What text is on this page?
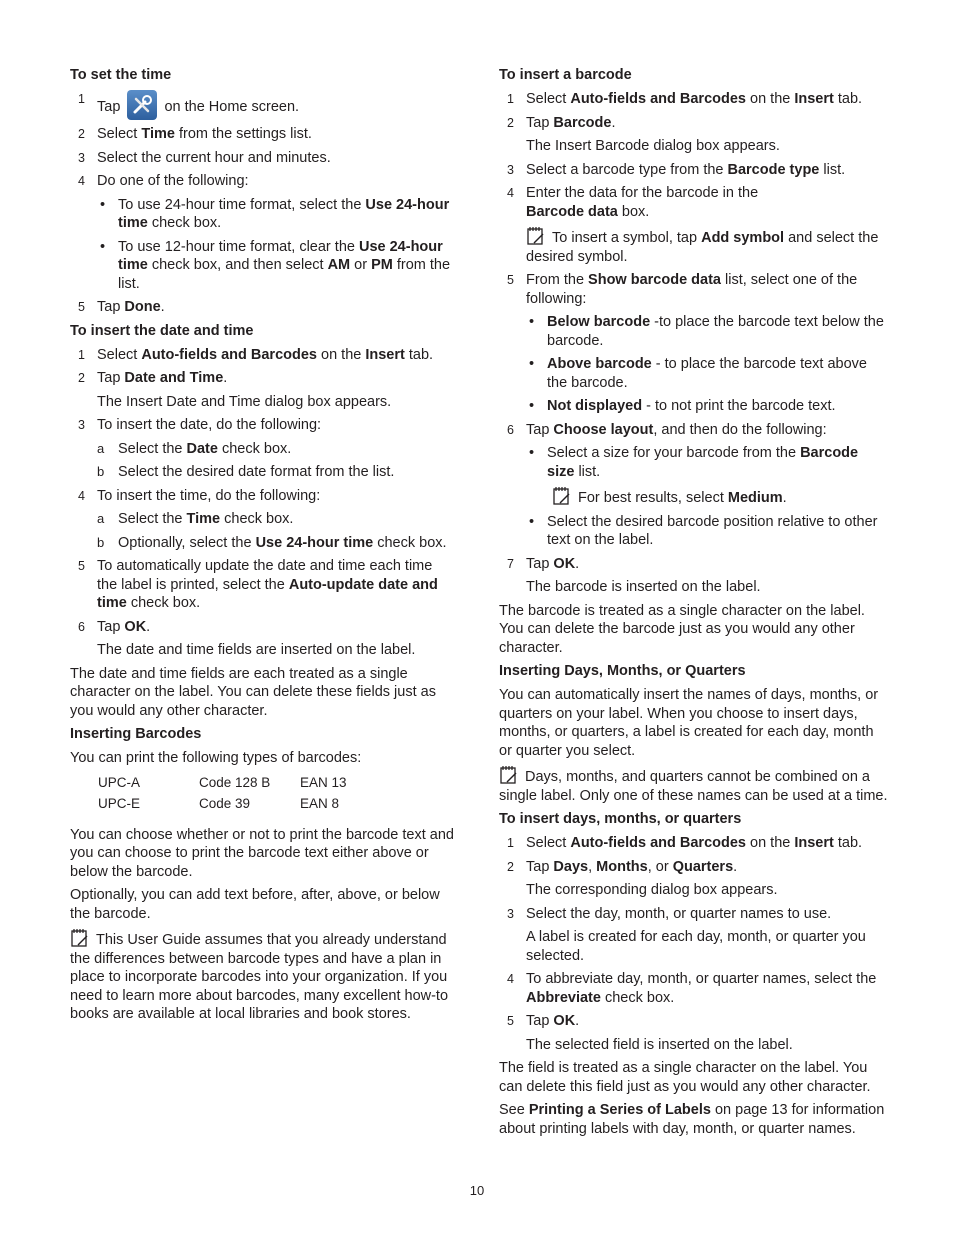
To set the time
1 Tap	on the Home screen.
2 Select Time from the settings list.
3 Select the current hour and minutes.
4 Do one of the following:
• To use 24-hour time format, select the Use 24-hour time check box.
• To use 12-hour time format, clear the Use 24-hour time check box, and then select AM or PM from the list.
5 Tap Done.
To insert the date and time
1 Select Auto-fields and Barcodes on the Insert tab.
2 Tap Date and Time.

The Insert Date and Time dialog box appears.

3 To insert the date, do the following:
a Select the Date check box.
b Select the desired date format from the list.
4 To insert the time, do the following:
a Select the Time check box.
b Optionally, select the Use 24-hour time check box.
5 To automatically update the date and time each time the label is printed, select the Auto-update date and time check box.
6 Tap OK.

The date and time fields are inserted on the label.

The date and time fields are each treated as a single character on the label. You can delete these fields just as you would any other character.

Inserting Barcodes

You can print the following types of barcodes:

UPC-A	Code 128 B	EAN 13
UPC-E	Code 39	EAN 8

You can choose whether or not to print the barcode text and you can choose to print the barcode text either above or below the barcode.

Optionally, you can add text before, after, above, or below the barcode.

This User Guide assumes that you already understand the differences between barcode types and have a plan in place to incorporate barcodes into your organization. If you need to learn more about barcodes, many excellent how-to books are available at local libraries and book stores.

To insert a barcode
1 Select Auto-fields and Barcodes on the Insert tab.
2 Tap Barcode.

The Insert Barcode dialog box appears.

3 Select a barcode type from the Barcode type list.
4 Enter the data for the barcode in the Barcode data box.

To insert a symbol, tap Add symbol and select the desired symbol.

5 From the Show barcode data list, select one of the following:
• Below barcode -to place the barcode text below the barcode.
• Above barcode - to place the barcode text above the barcode.
• Not displayed - to not print the barcode text.
6 Tap Choose layout, and then do the following:
• Select a size for your barcode from the Barcode size list.

For best results, select Medium.

• Select the desired barcode position relative to other text on the label.
7 Tap OK.

The barcode is inserted on the label.

The barcode is treated as a single character on the label. You can delete the barcode just as you would any other character.

Inserting Days, Months, or Quarters

You can automatically insert the names of days, months, or quarters on your label. When you choose to insert days, months, or quarters, a label is created for each day, month or quarter you select.

Days, months, and quarters cannot be combined on a single label. Only one of these names can be used at a time.

To insert days, months, or quarters
1 Select Auto-fields and Barcodes on the Insert tab.
2 Tap Days, Months, or Quarters.

The corresponding dialog box appears.

3 Select the day, month, or quarter names to use.

A label is created for each day, month, or quarter you selected.

4 To abbreviate day, month, or quarter names, select the Abbreviate check box.
5 Tap OK.

The selected field is inserted on the label.

The field is treated as a single character on the label. You can delete this field just as you would any other character.

See Printing a Series of Labels on page 13 for information about printing labels with day, month, or quarter names.

10
